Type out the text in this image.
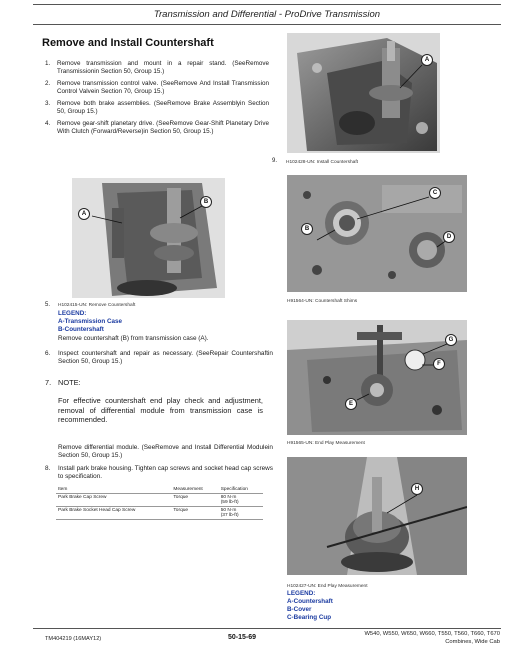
Transmission and Differential - ProDrive Transmission
Remove and Install Countershaft
1.	Remove transmission and mount in a repair stand. (SeeRemove Transmissionin Section 50, Group 15.)
2.	Remove transmission control valve. (SeeRemove And Install Transmission Control Valvein Section 70, Group 15.)
3.	Remove both brake assemblies. (SeeRemove Brake Assemblyin Section 50, Group 15.)
4.	Remove gear-shift planetary drive. (SeeRemove Gear-Shift Planetary Drive With Clutch (Forward/Reverse)in Section 50, Group 15.)
A
9. H102428-UN: Install Countershaft
A
B
C
B
D
5. H102415-UN: Remove Countershaft
H91564-UN: Countershaft Shims
LEGEND:
A-Transmission Case
B-Countershaft
Remove countershaft (B) from transmission case (A).
6.	Inspect countershaft and repair as necessary. (SeeRepair Countershaftin Section 50, Group 15.)
7. NOTE:
For effective countershaft end play check and adjustment, removal of differential module from transmission case is recommended.
Remove differential module. (SeeRemove and Install Differential Modulein Section 50, Group 15.)
8.	Install park brake housing. Tighten cap screws and socket head cap screws to specification.
Item	Measurement	Specification
Park Brake Cap Screw	Torque	80 N·m
(59 lb-ft)
Park Brake Socket Head Cap Screw	Torque	50 N·m
(37 lb-ft)
E
F
G
H91565-UN: End Play Measurement
H
H102427-UN: End Play Measurement
LEGEND:
A-Countershaft
B-Cover
C-Bearing Cup
TM404219 (16MAY12)	50-15-69	W540, W550, W650, W660, T550, T560, T660, T670
Combines, Wide Cab
